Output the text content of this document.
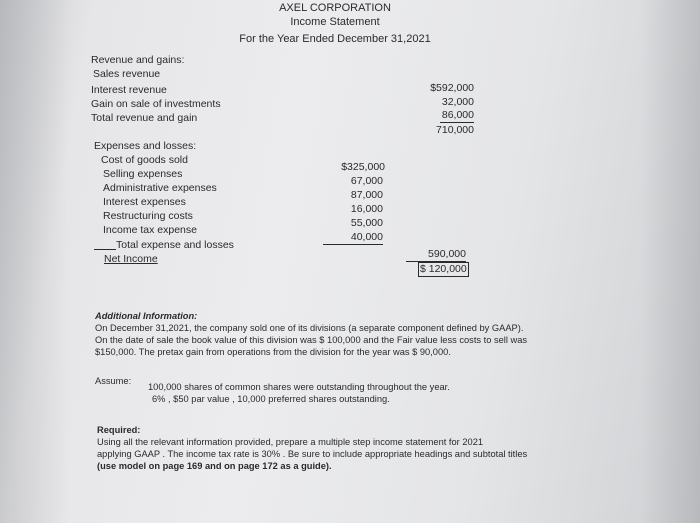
AXEL CORPORATION
Income Statement
For the Year Ended December 31,2021
Revenue and gains:
Sales revenue
Interest revenue
Gain on sale of investments
Total revenue and gain
$592,000
32,000
86,000
710,000
Expenses and losses:
Cost of goods sold
Selling expenses
Administrative expenses
Interest expenses
Restructuring costs
Income tax expense
Total expense and losses
Net Income
$325,000
67,000
87,000
16,000
55,000
40,000
590,000
$ 120,000
Additional Information:
On December 31,2021, the company sold one of its divisions (a separate component defined by GAAP).
On the date of sale the book value of this division was $ 100,000 and the Fair value less costs to sell was
$150,000. The pretax gain from operations from the division for the year was $ 90,000.
Assume:
100,000 shares of common shares were outstanding throughout the year.
6% , $50 par value , 10,000 preferred shares outstanding.
Required:
Using all the relevant information provided, prepare a multiple step income statement for 2021
applying GAAP . The income tax rate is 30% . Be sure to include appropriate headings and subtotal titles
(use model on page 169 and on page 172 as a guide).
